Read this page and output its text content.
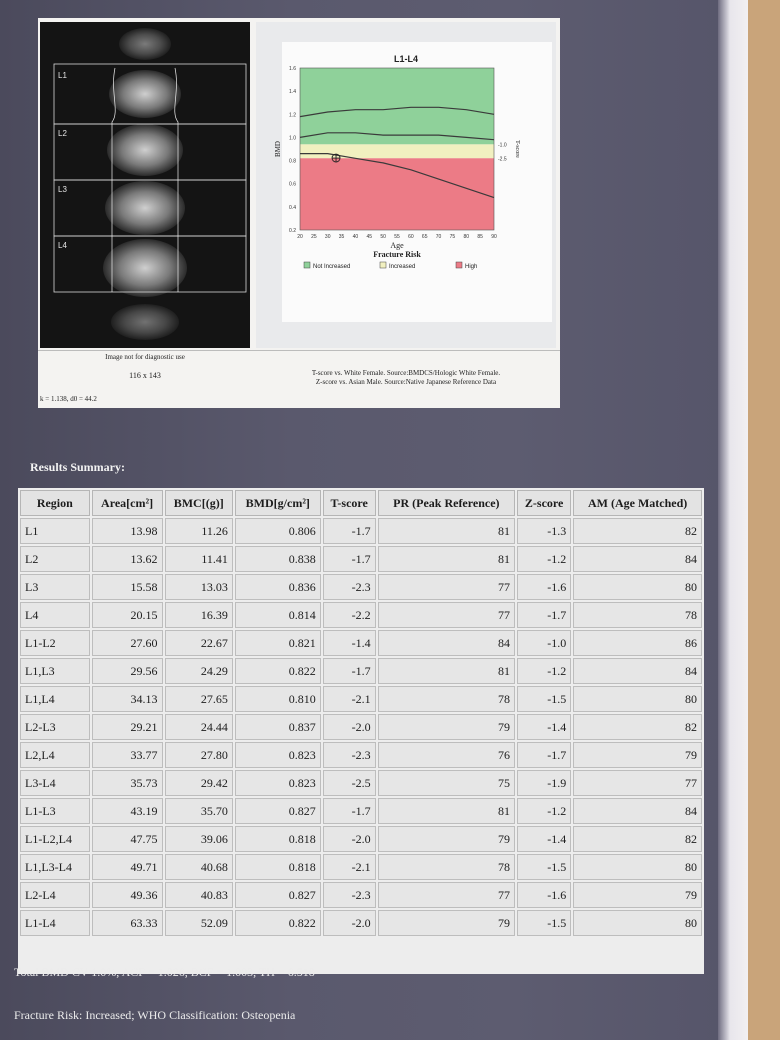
L1
L2
L3
L4
L1-L4
1.6
1.4
1.2
1.0
0.8
0.6
0.4
0.2
20 25 30 35 40 45 50 55 60 65 70 75 80 85 90
-1.0
-2.5
BMD	T-score
Age
Fracture Risk
Not Increased	Increased	High
Image not for diagnostic use
116 x 143
k = 1.138, d0 = 44.2
T-score vs. White Female. Source:BMDCS/Hologic White Female.
Z-score vs. Asian Male. Source:Native Japanese Reference Data
Results Summary:
Region	Area[cm²]	BMC[(g)]	BMD[g/cm²]	T-score	PR (Peak Reference)	Z-score	AM (Age Matched)
L1	13.98	11.26	0.806	-1.7	81	-1.3	82
L2	13.62	11.41	0.838	-1.7	81	-1.2	84
L3	15.58	13.03	0.836	-2.3	77	-1.6	80
L4	20.15	16.39	0.814	-2.2	77	-1.7	78
L1-L2	27.60	22.67	0.821	-1.4	84	-1.0	86
L1,L3	29.56	24.29	0.822	-1.7	81	-1.2	84
L1,L4	34.13	27.65	0.810	-2.1	78	-1.5	80
L2-L3	29.21	24.44	0.837	-2.0	79	-1.4	82
L2,L4	33.77	27.80	0.823	-2.3	76	-1.7	79
L3-L4	35.73	29.42	0.823	-2.5	75	-1.9	77
L1-L3	43.19	35.70	0.827	-1.7	81	-1.2	84
L1-L2,L4	47.75	39.06	0.818	-2.0	79	-1.4	82
L1,L3-L4	49.71	40.68	0.818	-2.1	78	-1.5	80
L2-L4	49.36	40.83	0.827	-2.3	77	-1.6	79
L1-L4	63.33	52.09	0.822	-2.0	79	-1.5	80
Total BMD CV 1.0%, ACF = 1.026, BCF = 1.003, TH = 6.518
Fracture Risk: Increased; WHO Classification: Osteopenia
